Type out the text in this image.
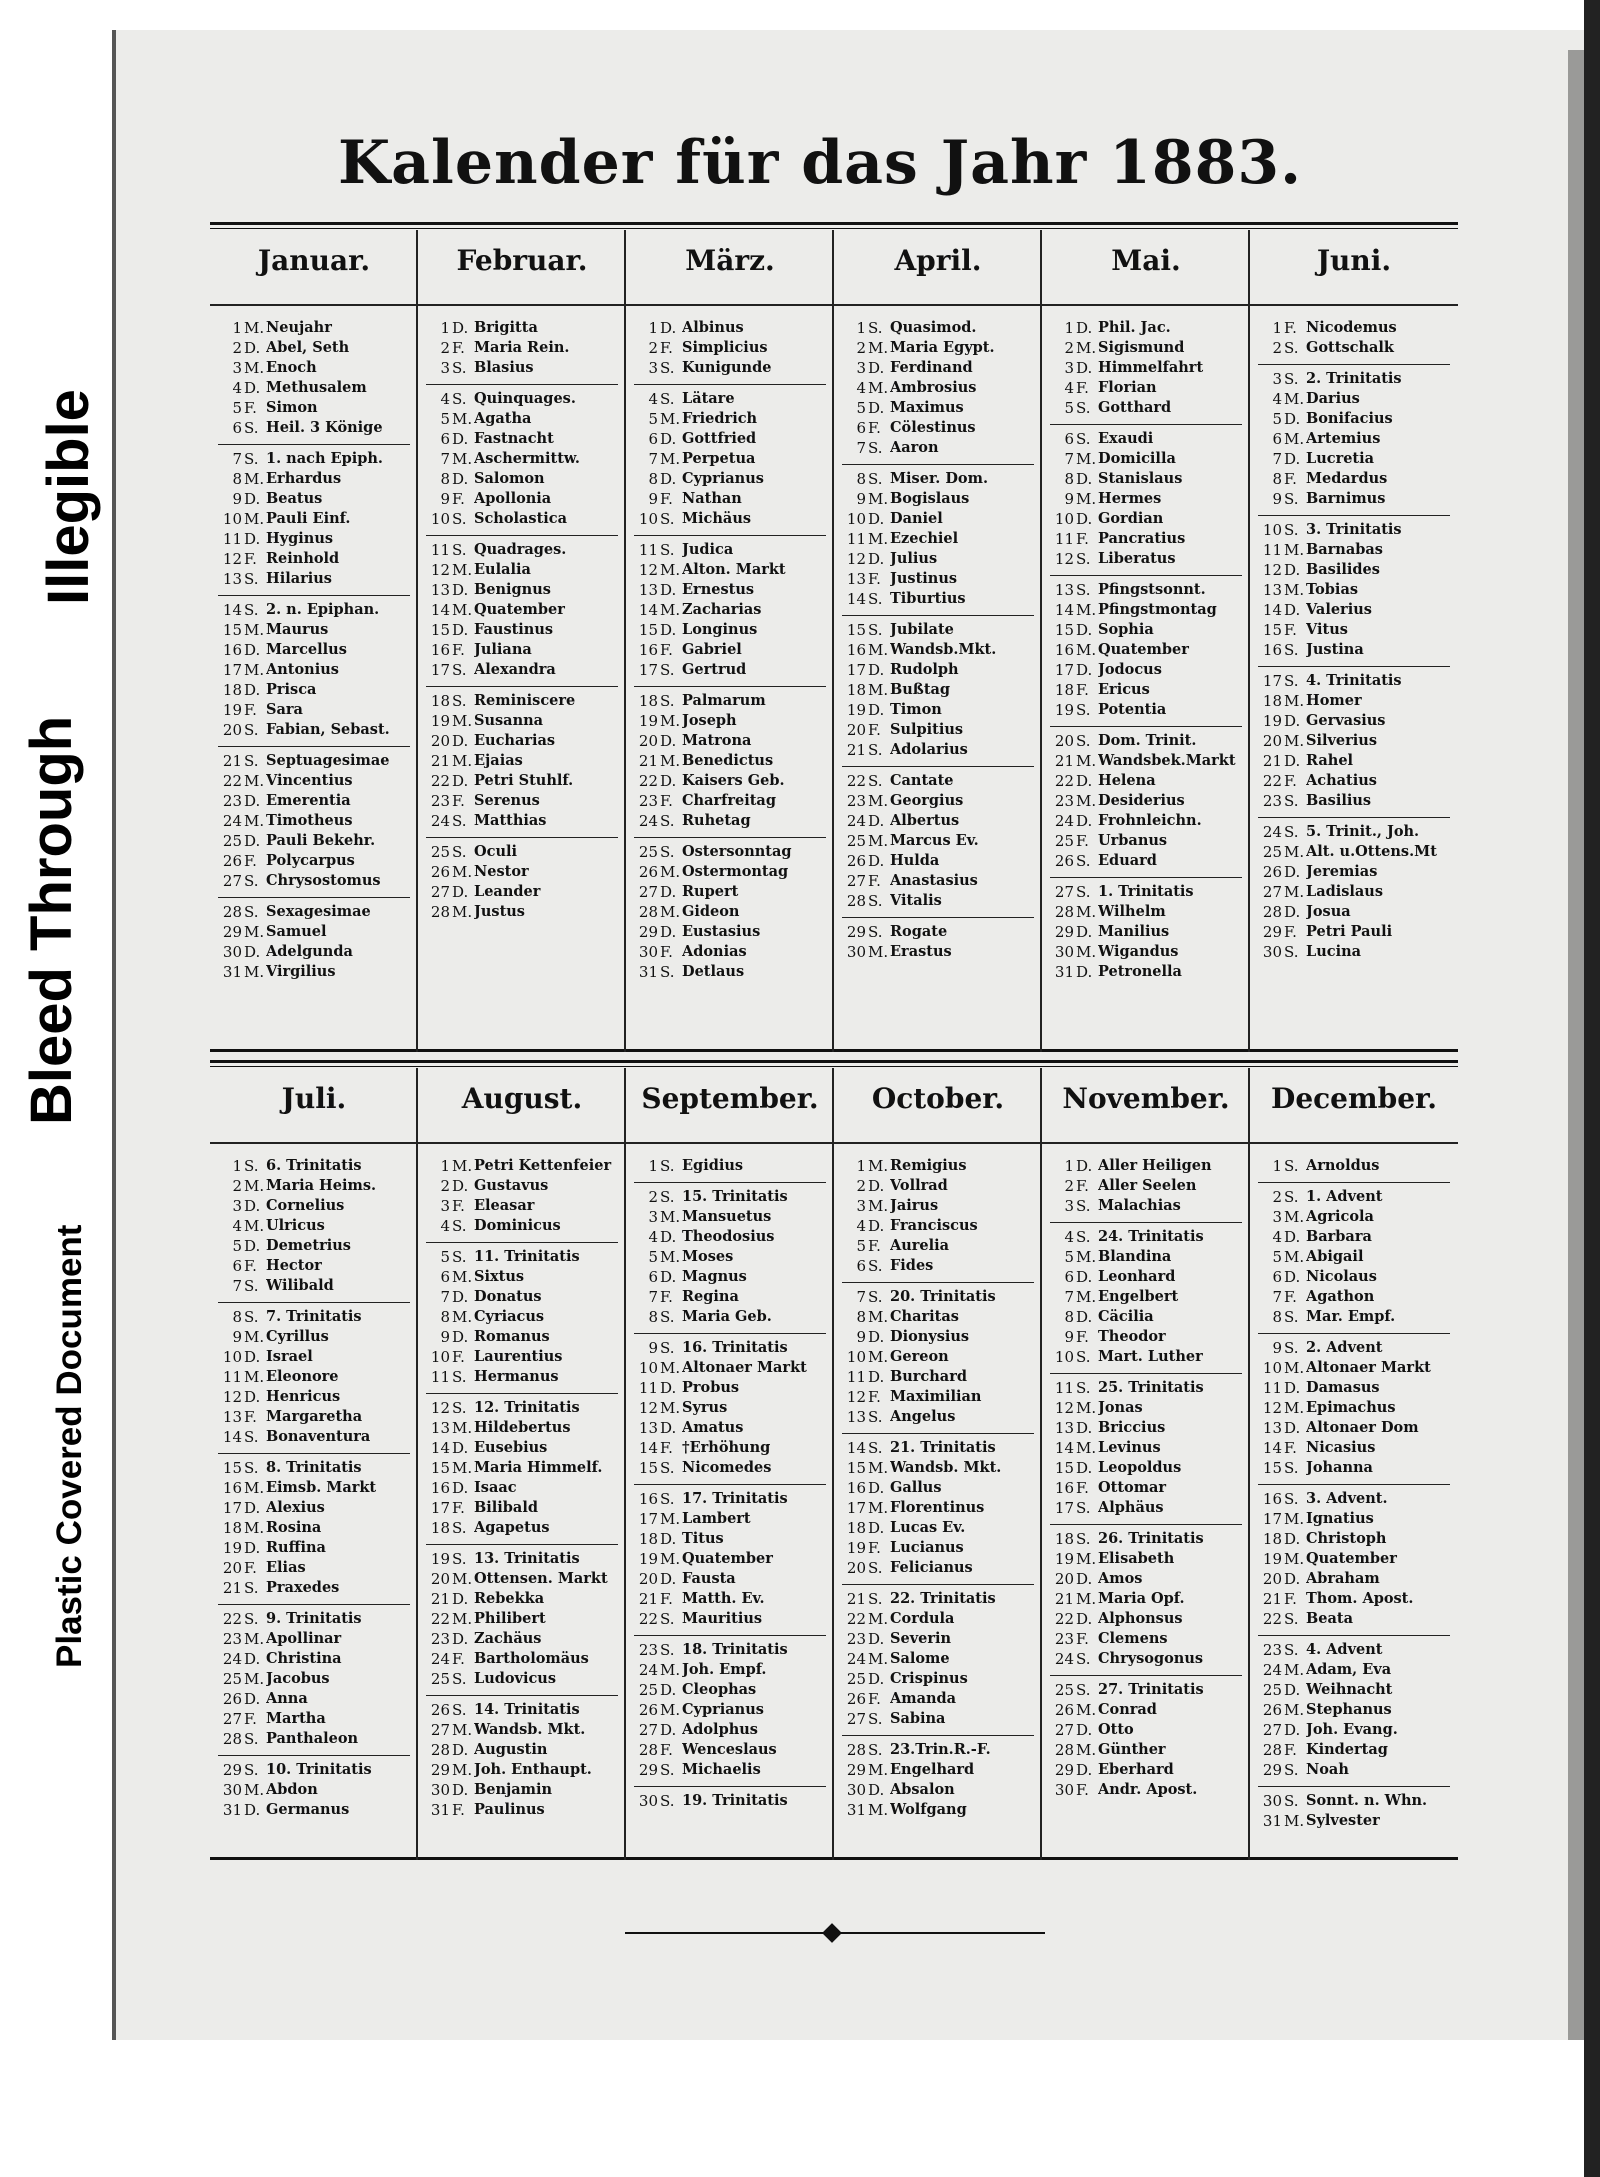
Plastic Covered Document
Bleed Through
Illegible
Kalender für das Jahr 1883.
Januar.
1 M. Neujahr
2 D. Abel, Seth
3 M. Enoch
4 D. Methusalem
5 F. Simon
6 S. Heil. 3 Könige
7 S. 1. nach Epiph.
8 M. Erhardus
9 D. Beatus
10 M. Pauli Einf.
11 D. Hyginus
12 F. Reinhold
13 S. Hilarius
14 S. 2. n. Epiphan.
15 M. Maurus
16 D. Marcellus
17 M. Antonius
18 D. Prisca
19 F. Sara
20 S. Fabian, Sebast.
21 S. Septuagesimae
22 M. Vincentius
23 D. Emerentia
24 M. Timotheus
25 D. Pauli Bekehr.
26 F. Polycarpus
27 S. Chrysostomus
28 S. Sexagesimae
29 M. Samuel
30 D. Adelgunda
31 M. Virgilius
Februar.
1 D. Brigitta
2 F. Maria Rein.
3 S. Blasius
4 S. Quinquages.
5 M. Agatha
6 D. Fastnacht
7 M. Aschermittw.
8 D. Salomon
9 F. Apollonia
10 S. Scholastica
11 S. Quadrages.
12 M. Eulalia
13 D. Benignus
14 M. Quatember
15 D. Faustinus
16 F. Juliana
17 S. Alexandra
18 S. Reminiscere
19 M. Susanna
20 D. Eucharias
21 M. Ejaias
22 D. Petri Stuhlf.
23 F. Serenus
24 S. Matthias
25 S. Oculi
26 M. Nestor
27 D. Leander
28 M. Justus
März.
1 D. Albinus
2 F. Simplicius
3 S. Kunigunde
4 S. Lätare
5 M. Friedrich
6 D. Gottfried
7 M. Perpetua
8 D. Cyprianus
9 F. Nathan
10 S. Michäus
11 S. Judica
12 M. Alton. Markt
13 D. Ernestus
14 M. Zacharias
15 D. Longinus
16 F. Gabriel
17 S. Gertrud
18 S. Palmarum
19 M. Joseph
20 D. Matrona
21 M. Benedictus
22 D. Kaisers Geb.
23 F. Charfreitag
24 S. Ruhetag
25 S. Ostersonntag
26 M. Ostermontag
27 D. Rupert
28 M. Gideon
29 D. Eustasius
30 F. Adonias
31 S. Detlaus
April.
1 S. Quasimod.
2 M. Maria Egypt.
3 D. Ferdinand
4 M. Ambrosius
5 D. Maximus
6 F. Cölestinus
7 S. Aaron
8 S. Miser. Dom.
9 M. Bogislaus
10 D. Daniel
11 M. Ezechiel
12 D. Julius
13 F. Justinus
14 S. Tiburtius
15 S. Jubilate
16 M. Wandsb.Mkt.
17 D. Rudolph
18 M. Bußtag
19 D. Timon
20 F. Sulpitius
21 S. Adolarius
22 S. Cantate
23 M. Georgius
24 D. Albertus
25 M. Marcus Ev.
26 D. Hulda
27 F. Anastasius
28 S. Vitalis
29 S. Rogate
30 M. Erastus
Mai.
1 D. Phil. Jac.
2 M. Sigismund
3 D. Himmelfahrt
4 F. Florian
5 S. Gotthard
6 S. Exaudi
7 M. Domicilla
8 D. Stanislaus
9 M. Hermes
10 D. Gordian
11 F. Pancratius
12 S. Liberatus
13 S. Pfingstsonnt.
14 M. Pfingstmontag
15 D. Sophia
16 M. Quatember
17 D. Jodocus
18 F. Ericus
19 S. Potentia
20 S. Dom. Trinit.
21 M. Wandsbek.Markt
22 D. Helena
23 M. Desiderius
24 D. Frohnleichn.
25 F. Urbanus
26 S. Eduard
27 S. 1. Trinitatis
28 M. Wilhelm
29 D. Manilius
30 M. Wigandus
31 D. Petronella
Juni.
1 F. Nicodemus
2 S. Gottschalk
3 S. 2. Trinitatis
4 M. Darius
5 D. Bonifacius
6 M. Artemius
7 D. Lucretia
8 F. Medardus
9 S. Barnimus
10 S. 3. Trinitatis
11 M. Barnabas
12 D. Basilides
13 M. Tobias
14 D. Valerius
15 F. Vitus
16 S. Justina
17 S. 4. Trinitatis
18 M. Homer
19 D. Gervasius
20 M. Silverius
21 D. Rahel
22 F. Achatius
23 S. Basilius
24 S. 5. Trinit., Joh.
25 M. Alt. u.Ottens.Mt
26 D. Jeremias
27 M. Ladislaus
28 D. Josua
29 F. Petri Pauli
30 S. Lucina
Juli.
1 S. 6. Trinitatis
2 M. Maria Heims.
3 D. Cornelius
4 M. Ulricus
5 D. Demetrius
6 F. Hector
7 S. Wilibald
8 S. 7. Trinitatis
9 M. Cyrillus
10 D. Israel
11 M. Eleonore
12 D. Henricus
13 F. Margaretha
14 S. Bonaventura
15 S. 8. Trinitatis
16 M. Eimsb. Markt
17 D. Alexius
18 M. Rosina
19 D. Ruffina
20 F. Elias
21 S. Praxedes
22 S. 9. Trinitatis
23 M. Apollinar
24 D. Christina
25 M. Jacobus
26 D. Anna
27 F. Martha
28 S. Panthaleon
29 S. 10. Trinitatis
30 M. Abdon
31 D. Germanus
August.
1 M. Petri Kettenfeier
2 D. Gustavus
3 F. Eleasar
4 S. Dominicus
5 S. 11. Trinitatis
6 M. Sixtus
7 D. Donatus
8 M. Cyriacus
9 D. Romanus
10 F. Laurentius
11 S. Hermanus
12 S. 12. Trinitatis
13 M. Hildebertus
14 D. Eusebius
15 M. Maria Himmelf.
16 D. Isaac
17 F. Bilibald
18 S. Agapetus
19 S. 13. Trinitatis
20 M. Ottensen. Markt
21 D. Rebekka
22 M. Philibert
23 D. Zachäus
24 F. Bartholomäus
25 S. Ludovicus
26 S. 14. Trinitatis
27 M. Wandsb. Mkt.
28 D. Augustin
29 M. Joh. Enthaupt.
30 D. Benjamin
31 F. Paulinus
September.
1 S. Egidius
2 S. 15. Trinitatis
3 M. Mansuetus
4 D. Theodosius
5 M. Moses
6 D. Magnus
7 F. Regina
8 S. Maria Geb.
9 S. 16. Trinitatis
10 M. Altonaer Markt
11 D. Probus
12 M. Syrus
13 D. Amatus
14 F. †Erhöhung
15 S. Nicomedes
16 S. 17. Trinitatis
17 M. Lambert
18 D. Titus
19 M. Quatember
20 D. Fausta
21 F. Matth. Ev.
22 S. Mauritius
23 S. 18. Trinitatis
24 M. Joh. Empf.
25 D. Cleophas
26 M. Cyprianus
27 D. Adolphus
28 F. Wenceslaus
29 S. Michaelis
30 S. 19. Trinitatis
October.
1 M. Remigius
2 D. Vollrad
3 M. Jairus
4 D. Franciscus
5 F. Aurelia
6 S. Fides
7 S. 20. Trinitatis
8 M. Charitas
9 D. Dionysius
10 M. Gereon
11 D. Burchard
12 F. Maximilian
13 S. Angelus
14 S. 21. Trinitatis
15 M. Wandsb. Mkt.
16 D. Gallus
17 M. Florentinus
18 D. Lucas Ev.
19 F. Lucianus
20 S. Felicianus
21 S. 22. Trinitatis
22 M. Cordula
23 D. Severin
24 M. Salome
25 D. Crispinus
26 F. Amanda
27 S. Sabina
28 S. 23.Trin.R.-F.
29 M. Engelhard
30 D. Absalon
31 M. Wolfgang
November.
1 D. Aller Heiligen
2 F. Aller Seelen
3 S. Malachias
4 S. 24. Trinitatis
5 M. Blandina
6 D. Leonhard
7 M. Engelbert
8 D. Cäcilia
9 F. Theodor
10 S. Mart. Luther
11 S. 25. Trinitatis
12 M. Jonas
13 D. Briccius
14 M. Levinus
15 D. Leopoldus
16 F. Ottomar
17 S. Alphäus
18 S. 26. Trinitatis
19 M. Elisabeth
20 D. Amos
21 M. Maria Opf.
22 D. Alphonsus
23 F. Clemens
24 S. Chrysogonus
25 S. 27. Trinitatis
26 M. Conrad
27 D. Otto
28 M. Günther
29 D. Eberhard
30 F. Andr. Apost.
December.
1 S. Arnoldus
2 S. 1. Advent
3 M. Agricola
4 D. Barbara
5 M. Abigail
6 D. Nicolaus
7 F. Agathon
8 S. Mar. Empf.
9 S. 2. Advent
10 M. Altonaer Markt
11 D. Damasus
12 M. Epimachus
13 D. Altonaer Dom
14 F. Nicasius
15 S. Johanna
16 S. 3. Advent.
17 M. Ignatius
18 D. Christoph
19 M. Quatember
20 D. Abraham
21 F. Thom. Apost.
22 S. Beata
23 S. 4. Advent
24 M. Adam, Eva
25 D. Weihnacht
26 M. Stephanus
27 D. Joh. Evang.
28 F. Kindertag
29 S. Noah
30 S. Sonnt. n. Whn.
31 M. Sylvester
